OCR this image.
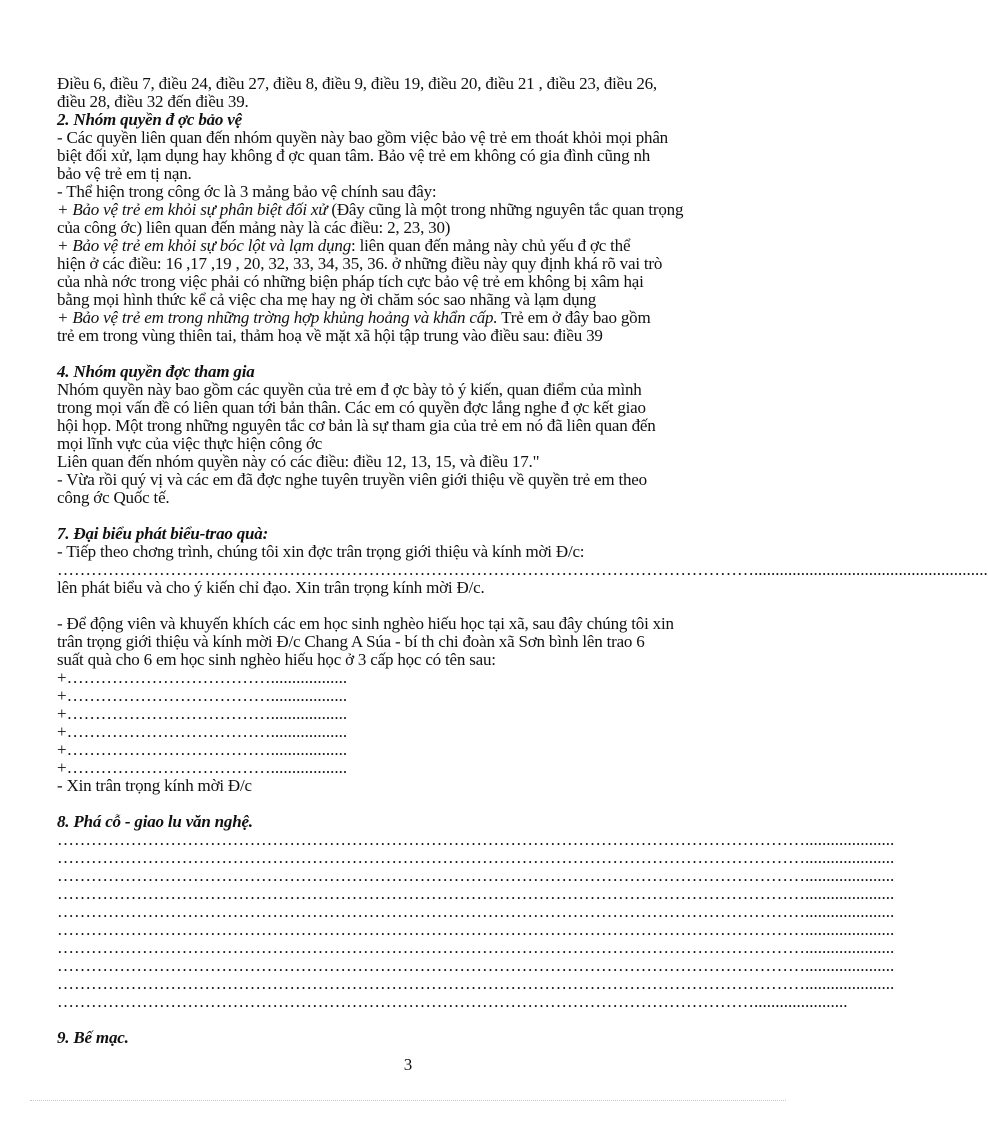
Điều 6, điều 7, điều 24, điều 27, điều 8, điều 9, điều 19, điều 20, điều 21 , điều 23, điều 26,
điều 28, điều 32 đến điều 39.
2. Nhóm quyền đ ợc bảo vệ
- Các quyền liên quan đến nhóm quyền này bao gồm việc bảo vệ trẻ em thoát khỏi mọi phân
biệt đối xử, lạm dụng hay không đ ợc quan tâm. Bảo vệ trẻ em không có gia đình cũng nh
bảo vệ trẻ em tị nạn.
- Thể hiện trong công ớc là 3 mảng bảo vệ chính sau đây:
+ Bảo vệ trẻ em khỏi sự phân biệt đối xử (Đây cũng là một trong những nguyên tắc quan trọng
của công ớc) liên quan đến mảng này là các điều: 2, 23, 30)
+ Bảo vệ trẻ em khỏi sự bóc lột và lạm dụng: liên quan đến mảng này chủ yếu đ ợc thể
hiện ở các điều: 16 ,17 ,19 , 20, 32, 33, 34, 35, 36. ở những điều này quy định khá rõ vai trò
của nhà nớc trong việc phải có những biện pháp tích cực bảo vệ trẻ em không bị xâm hại
bằng mọi hình thức kể cả việc cha mẹ hay ng ời chăm sóc sao nhãng và lạm dụng
+ Bảo vệ trẻ em trong những trờng hợp khủng hoảng và khẩn cấp. Trẻ em ở đây bao gồm
trẻ em trong vùng thiên tai, thảm hoạ về mặt xã hội tập trung vào điều sau: điều 39
4. Nhóm quyền đợc tham gia
Nhóm quyền này bao gồm các quyền của trẻ em đ ợc bày tỏ ý kiến, quan điểm của mình
trong mọi vấn đề có liên quan tới bản thân. Các em có quyền đợc lắng nghe đ ợc kết giao
hội họp. Một trong những nguyên tắc cơ bản là sự tham gia của trẻ em nó đã liên quan đến
mọi lĩnh vực của việc thực hiện công ớc
Liên quan đến nhóm quyền này có các điều: điều 12, 13, 15, và điều 17."
- Vừa rồi quý vị và các em đã đợc nghe tuyên truyền viên giới thiệu về quyền trẻ em theo
công ớc Quốc tế.
7. Đại biểu phát biểu-trao quà:
- Tiếp theo chơng trình, chúng tôi xin đợc trân trọng giới thiệu và kính mời Đ/c:
…………………………………………………………………………………………………………….......................................................
lên phát biểu và cho ý kiến chỉ đạo. Xin trân trọng kính mời Đ/c.
- Để động viên và khuyến khích các em học sinh nghèo hiếu học tại xã, sau đây chúng tôi xin
trân trọng giới thiệu và kính mời Đ/c Chang A Súa - bí th chi đoàn xã Sơn bình lên trao 6
suất quà cho 6 em học sinh nghèo hiếu học ở 3 cấp học có tên sau:
+………………………………..................
+………………………………..................
+………………………………..................
+………………………………..................
+………………………………..................
+………………………………..................
- Xin trân trọng kính mời Đ/c
8. Phá cỗ - giao lu văn nghệ.
…………………………………………………………………………………………………………………….....................
…………………………………………………………………………………………………………………….....................
…………………………………………………………………………………………………………………….....................
…………………………………………………………………………………………………………………….....................
…………………………………………………………………………………………………………………….....................
…………………………………………………………………………………………………………………….....................
…………………………………………………………………………………………………………………….....................
…………………………………………………………………………………………………………………….....................
…………………………………………………………………………………………………………………….....................
……………………………………………………………………………………………………………......................
9. Bế mạc.
3
